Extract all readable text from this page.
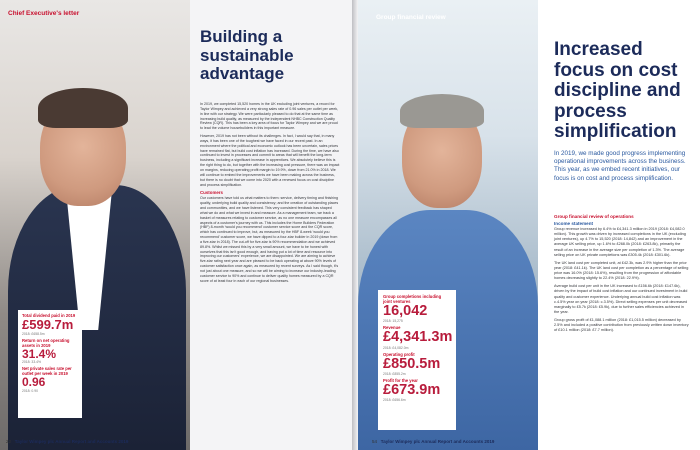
Chief Executive's letter
Total dividend paid in 2019
£599.7m
2018: £658.5m
Return on net operating assets in 2019
31.4%
2018: 33.4%
Net private sales rate per outlet per week in 2019
0.96
2018: 0.90
Building a sustainable advantage

In 2019, we completed 15,520 homes in the UK excluding joint ventures, a record for Taylor Wimpey and achieved a very strong sales rate of 0.96 sales per outlet per week, in line with our strategy. We were particularly pleased to do that at the same time as increasing build quality, as measured by the independent NHBC Construction Quality Review (CQR). This has been a key area of focus for Taylor Wimpey and we are proud to lead the volume housebuilders in this important measure.

However, 2019 has not been without its challenges. In fact, I would say that, in many ways, it has been one of the toughest we have faced in our recent past. In an environment where the political and economic outlook has been uncertain, sales prices have remained flat, but build cost inflation has increased. During the time, we have also continued to invest in processes and commit to areas that will benefit the long-term business, including a significant increase in apprentices. We absolutely believe this is the right thing to do, but together with the increasing cost pressure, there was an impact on margins, reducing operating profit margin to 19.9%, down from 21.0% in 2018. We will continue to embed the improvements we have been making across the business, but there is no doubt that we come into 2020 with a renewed focus on cost discipline and process simplification.

Customers

Our customers have told us what matters to them: service, delivery timing and finishing quality, underlying build quality and consistency; and the creation of outstanding places and communities, and we have listened. This very consistent feedback has shaped what we do and what we invest in and measure. As a management team, we track a basket of measures relating to customer service, as no one measure encompasses all aspects of a customer's journey with us. This includes the Home Builders Federation (HBF) 8-month 'would you recommend' customer service score and the CQR score, which has continued to improve, but, as measured by the HBF 8-week 'would you recommend' customer score, we have dipped to a four-star builder in 2019 (down from a five-star in 2018). The cut-off for five-star is 90% recommendation and we achieved 89.8%. Whilst we missed this by a very small amount, we have to be honest with ourselves that this isn't good enough, and having put a lot of time and resource into improving our customers' experience, we are disappointed. We are aiming to achieve five-star rating next year and are pleased to be back operating at above 90% levels of customer satisfaction once again, as measured by recent surveys. As I said though, it's not just about one measure, and so we will be aiming to increase our industry-leading customer service to 90% and continue to deliver quality homes measured by a CQR score of at least four in each of our regional businesses.

22 Taylor Wimpey plc Annual Report and Accounts 2019
Group financial review
Group completions including joint ventures
16,042
2018: 15,275
Revenue
£4,341.3m
2018: £4,082.0m
Operating profit
£850.5m
2018: £855.2m
Profit for the year
£673.9m
2018: £656.6m
Increased focus on cost discipline and process simplification

In 2019, we made good progress implementing operational improvements across the business. This year, as we embed recent initiatives, our focus is on cost and process simplification.

Group financial review of operations
Income statement

Group revenue increased by 6.4% to £4,341.3 million in 2019 (2018: £4,082.0 million). This growth was driven by increased completions in the UK (excluding joint ventures), up 4.7% to 15,520 (2018: 14,842) and an improvement in the average UK selling price, up 1.6% to £268.0k (2018: £263.8k), primarily the result of an increase in the average size per completion of 1.3%. The average selling price on UK private completions was £305.4k (2018: £301.6k).

The UK land cost per completed unit, at £42.3k, was 2.9% higher than the prior year (2018: £41.1k). The UK land cost per completion as a percentage of selling price was 16.0% (2018: 15.6%), resulting from the progression of affordable homes decreasing slightly to 22.4% (2018: 22.9%).

Average build cost per unit in the UK increased to £156.6k (2018: £147.6k), driven by the impact of build cost inflation and our continued investment in build quality and customer experience. Underlying annual build cost inflation was c.4.5% year on year (2018: c.3.5%). Direct selling expenses per unit decreased marginally to £5.7k (2018: £5.9k), due to further sales efficiencies achieved in the year.

Group gross profit of £1,088.1 million (2018: £1,015.5 million) decreased by 2.5% and included a positive contribution from previously written down inventory of £10.1 million (2018: £7.7 million).

54 Taylor Wimpey plc Annual Report and Accounts 2019
